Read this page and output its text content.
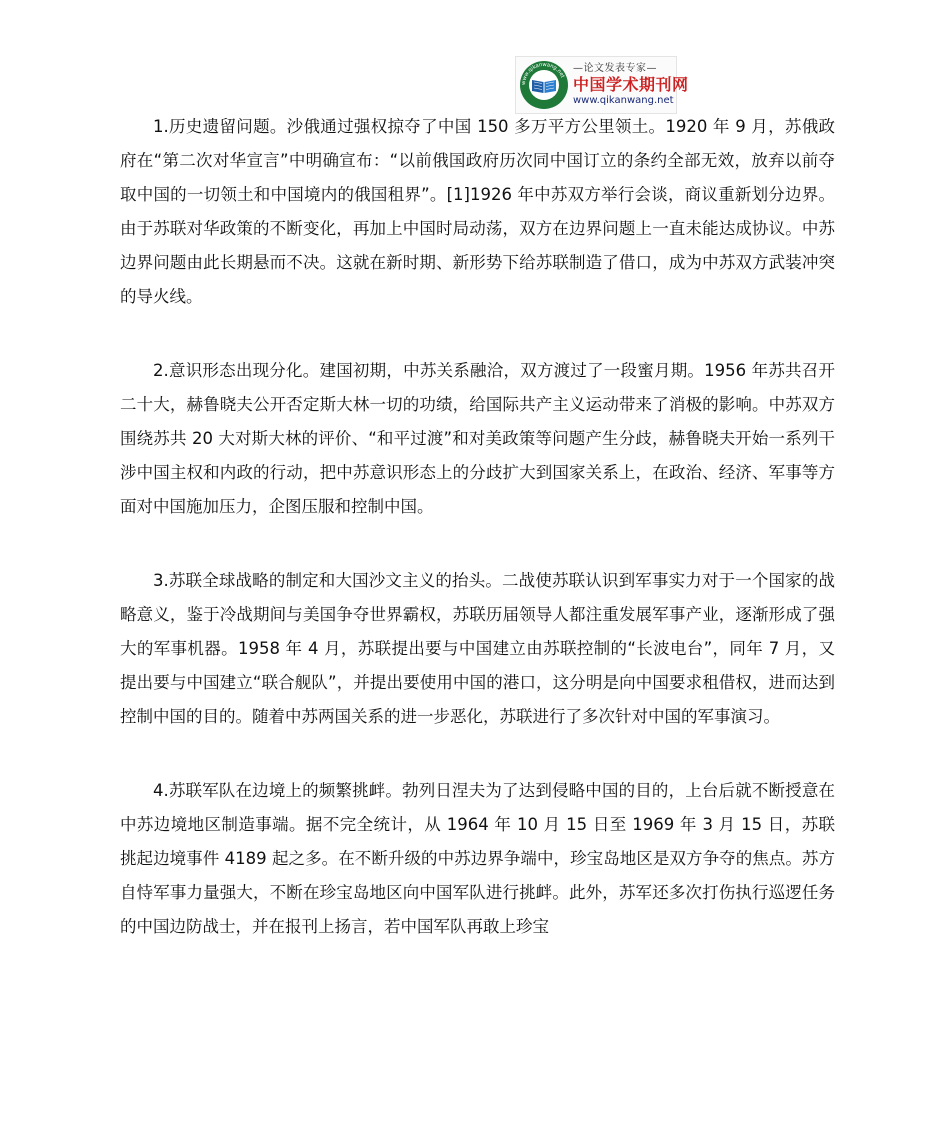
www.qikanwang.net
—论文发表专家—
中国学术期刊网
www.qikanwang.net

1.历史遗留问题。沙俄通过强权掠夺了中国 150 多万平方公里领土。1920 年 9 月，苏俄政府在“第二次对华宣言”中明确宣布：“以前俄国政府历次同中国订立的条约全部无效，放弃以前夺取中国的一切领土和中国境内的俄国租界”。[1]1926 年中苏双方举行会谈，商议重新划分边界。由于苏联对华政策的不断变化，再加上中国时局动荡，双方在边界问题上一直未能达成协议。中苏边界问题由此长期悬而不决。这就在新时期、新形势下给苏联制造了借口，成为中苏双方武装冲突的导火线。

2.意识形态出现分化。建国初期，中苏关系融洽，双方渡过了一段蜜月期。1956 年苏共召开二十大，赫鲁晓夫公开否定斯大林一切的功绩，给国际共产主义运动带来了消极的影响。中苏双方围绕苏共 20 大对斯大林的评价、“和平过渡”和对美政策等问题产生分歧，赫鲁晓夫开始一系列干涉中国主权和内政的行动，把中苏意识形态上的分歧扩大到国家关系上，在政治、经济、军事等方面对中国施加压力，企图压服和控制中国。

3.苏联全球战略的制定和大国沙文主义的抬头。二战使苏联认识到军事实力对于一个国家的战略意义，鉴于冷战期间与美国争夺世界霸权，苏联历届领导人都注重发展军事产业，逐渐形成了强大的军事机器。1958 年 4 月，苏联提出要与中国建立由苏联控制的“长波电台”，同年 7 月，又提出要与中国建立“联合舰队”，并提出要使用中国的港口，这分明是向中国要求租借权，进而达到控制中国的目的。随着中苏两国关系的进一步恶化，苏联进行了多次针对中国的军事演习。

4.苏联军队在边境上的频繁挑衅。勃列日涅夫为了达到侵略中国的目的，上台后就不断授意在中苏边境地区制造事端。据不完全统计，从 1964 年 10 月 15 日至 1969 年 3 月 15 日，苏联挑起边境事件 4189 起之多。在不断升级的中苏边界争端中，珍宝岛地区是双方争夺的焦点。苏方自恃军事力量强大，不断在珍宝岛地区向中国军队进行挑衅。此外，苏军还多次打伤执行巡逻任务的中国边防战士，并在报刊上扬言，若中国军队再敢上珍宝
